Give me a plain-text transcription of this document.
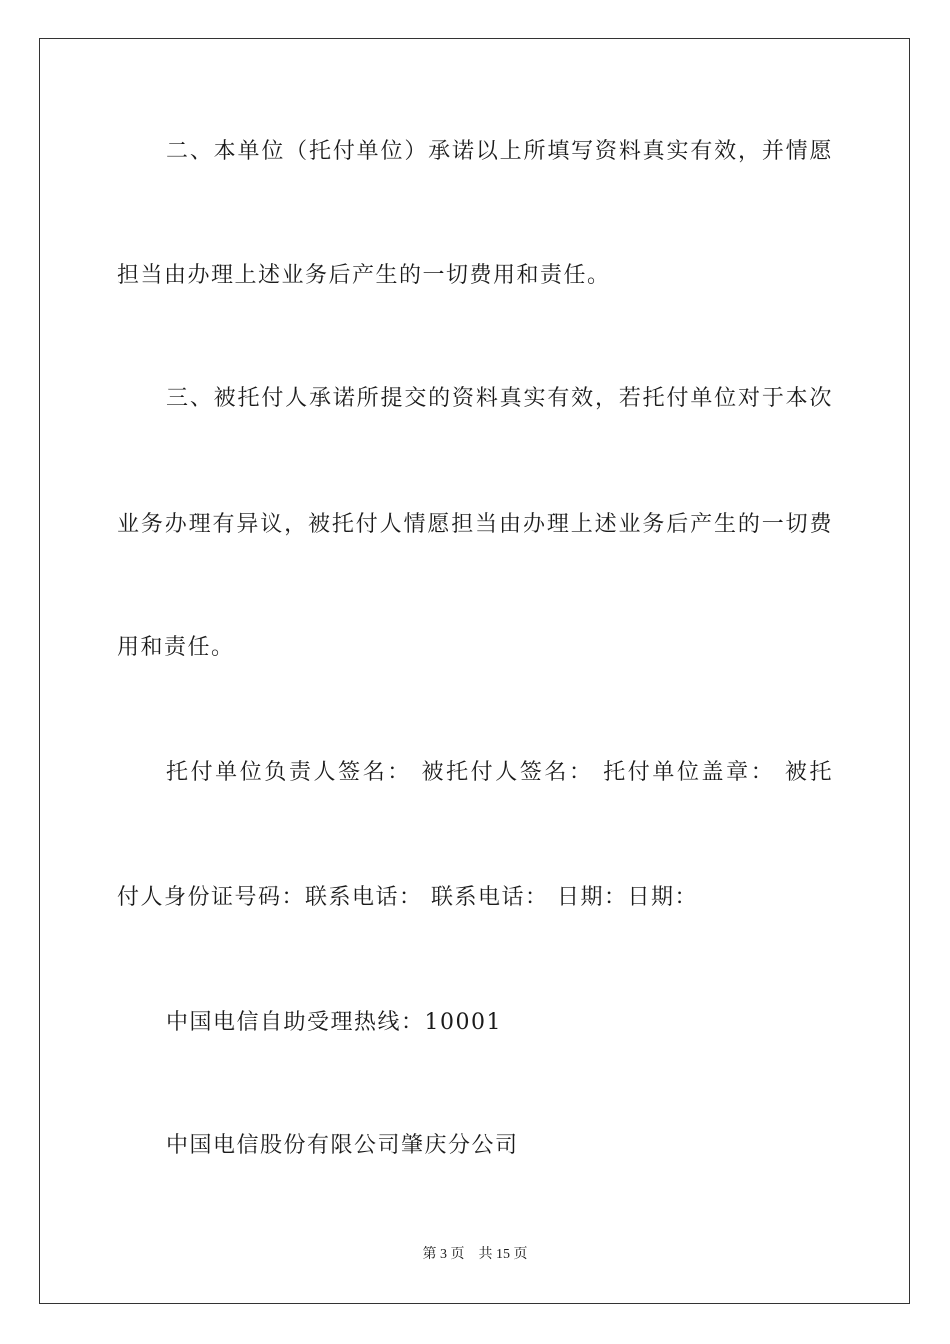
二、本单位（托付单位）承诺以上所填写资料真实有效，并情愿
担当由办理上述业务后产生的一切费用和责任。
三、被托付人承诺所提交的资料真实有效，若托付单位对于本次
业务办理有异议，被托付人情愿担当由办理上述业务后产生的一切费
用和责任。
托付单位负责人签名： 被托付人签名： 托付单位盖章： 被托
付人身份证号码：联系电话： 联系电话： 日期：日期：
中国电信自助受理热线：10001
中国电信股份有限公司肇庆分公司
第 3 页    共 15 页
